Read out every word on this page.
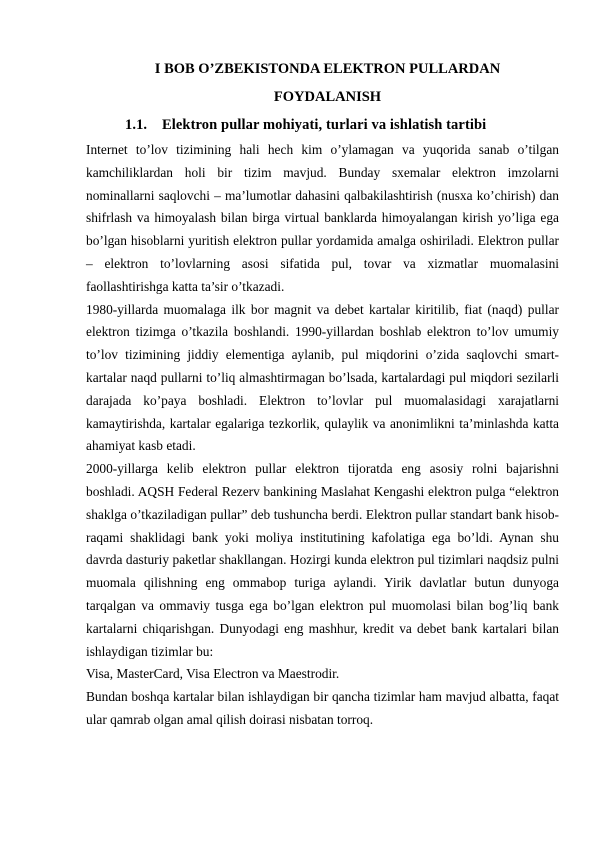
I BOB O’ZBEKISTONDA ELEKTRON PULLARDAN
FOYDALANISH
1.1. Elektron pullar mohiyati, turlari va ishlatish tartibi

Internet to’lov tizimining hali hech kim o’ylamagan va yuqorida sanab o’tilgan kamchiliklardan holi bir tizim mavjud. Bunday sxemalar elektron imzolarni nominallarni saqlovchi – ma’lumotlar dahasini qalbakilashtirish (nusxa ko’chirish) dan shifrlash va himoyalash bilan birga virtual banklarda himoyalangan kirish yo’liga ega bo’lgan hisoblarni yuritish elektron pullar yordamida amalga oshiriladi. Elektron pullar – elektron to’lovlarning asosi sifatida pul, tovar va xizmatlar muomalasini faollashtirishga katta ta’sir o’tkazadi.

1980-yillarda muomalaga ilk bor magnit va debet kartalar kiritilib, fiat (naqd) pullar elektron tizimga o’tkazila boshlandi. 1990-yillardan boshlab elektron to’lov umumiy to’lov tizimining jiddiy elementiga aylanib, pul miqdorini o’zida saqlovchi smart-kartalar naqd pullarni to’liq almashtirmagan bo’lsada, kartalardagi pul miqdori sezilarli darajada ko’paya boshladi. Elektron to’lovlar pul muomalasidagi xarajatlarni kamaytirishda, kartalar egalariga tezkorlik, qulaylik va anonimlikni ta’minlashda katta ahamiyat kasb etadi.

2000-yillarga kelib elektron pullar elektron tijoratda eng asosiy rolni bajarishni boshladi. AQSH Federal Rezerv bankining Maslahat Kengashi elektron pulga “elektron shaklga o’tkaziladigan pullar” deb tushuncha berdi. Elektron pullar standart bank hisob-raqami shaklidagi bank yoki moliya institutining kafolatiga ega bo’ldi. Aynan shu davrda dasturiy paketlar shakllangan. Hozirgi kunda elektron pul tizimlari naqdsiz pulni muomala qilishning eng ommabop turiga aylandi. Yirik davlatlar butun dunyoga tarqalgan va ommaviy tusga ega bo’lgan elektron pul muomolasi bilan bog’liq bank kartalarni chiqarishgan. Dunyodagi eng mashhur, kredit va debet bank kartalari bilan ishlaydigan tizimlar bu:

Visa, MasterCard, Visa Electron va Maestrodir.

Bundan boshqa kartalar bilan ishlaydigan bir qancha tizimlar ham mavjud albatta, faqat ular qamrab olgan amal qilish doirasi nisbatan torroq.
